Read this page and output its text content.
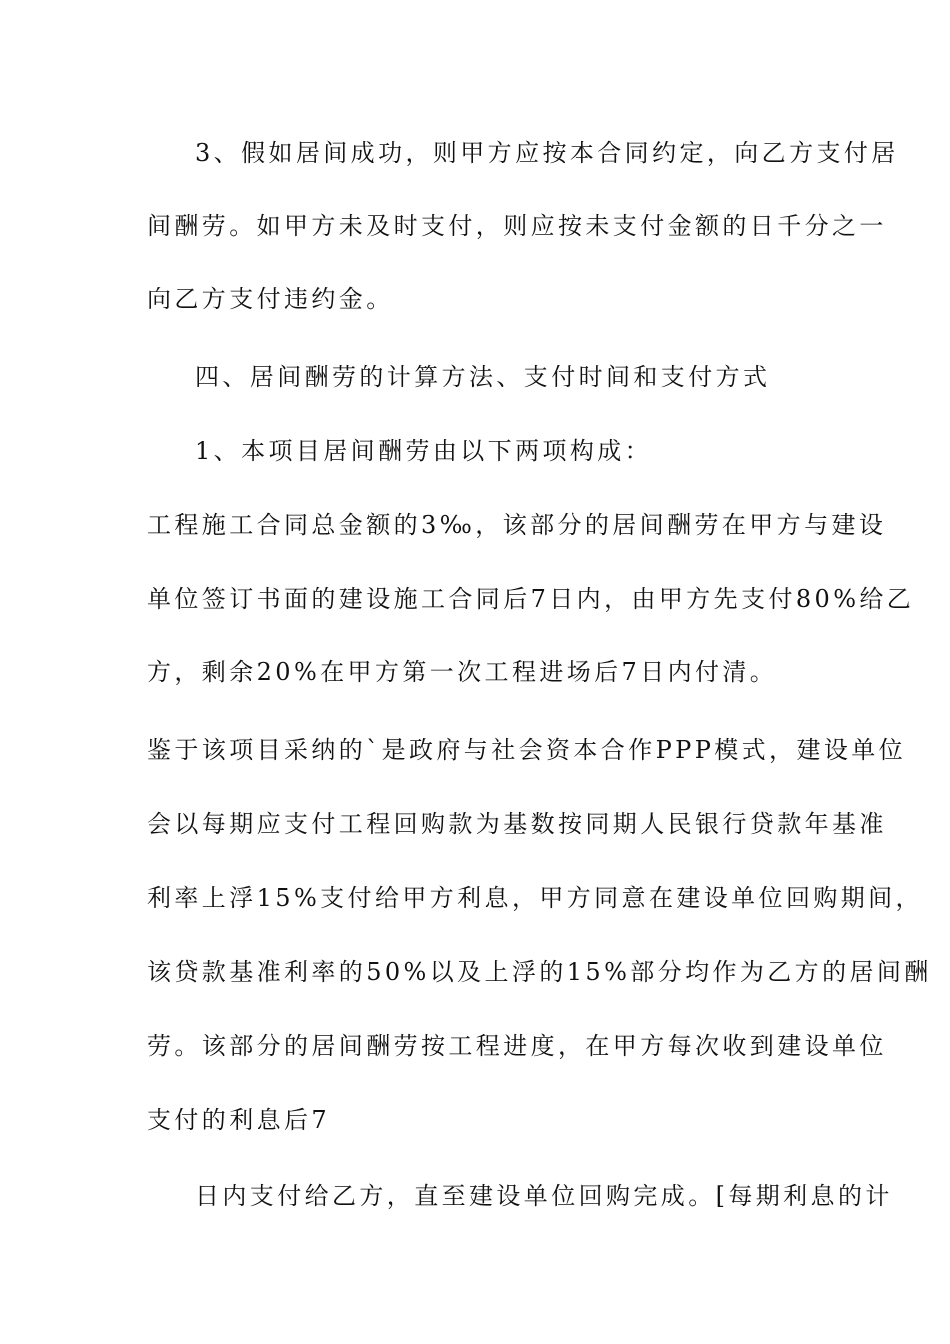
3、假如居间成功，则甲方应按本合同约定，向乙方支付居

间酬劳。如甲方未及时支付，则应按未支付金额的日千分之一

向乙方支付违约金。

四、居间酬劳的计算方法、支付时间和支付方式

1、本项目居间酬劳由以下两项构成：

工程施工合同总金额的3‰，该部分的居间酬劳在甲方与建设

单位签订书面的建设施工合同后7日内，由甲方先支付80%给乙

方，剩余20%在甲方第一次工程进场后7日内付清。

鉴于该项目采纳的`是政府与社会资本合作PPP模式，建设单位

会以每期应支付工程回购款为基数按同期人民银行贷款年基准

利率上浮15%支付给甲方利息，甲方同意在建设单位回购期间，

该贷款基准利率的50%以及上浮的15%部分均作为乙方的居间酬

劳。该部分的居间酬劳按工程进度，在甲方每次收到建设单位

支付的利息后7

日内支付给乙方，直至建设单位回购完成。[每期利息的计
